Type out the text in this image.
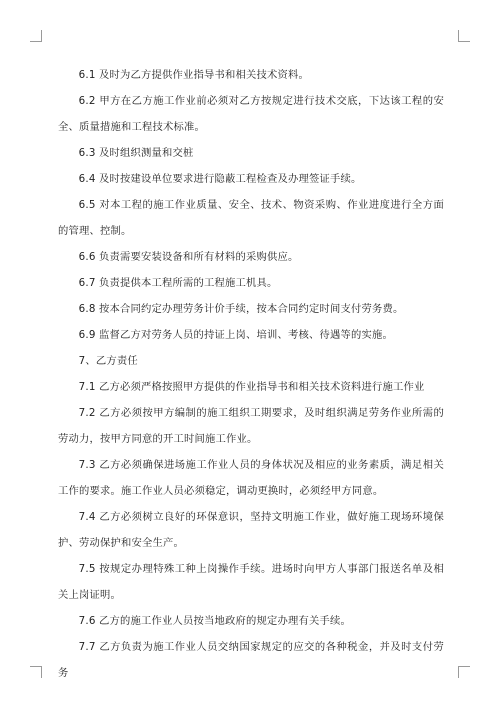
6.1 及时为乙方提供作业指导书和相关技术资料。

6.2 甲方在乙方施工作业前必须对乙方按规定进行技术交底，下达该工程的安全、质量措施和工程技术标准。

6.3 及时组织测量和交桩

6.4 及时按建设单位要求进行隐蔽工程检查及办理签证手续。

6.5 对本工程的施工作业质量、安全、技术、物资采购、作业进度进行全方面的管理、控制。

6.6 负责需要安装设备和所有材料的采购供应。

6.7 负责提供本工程所需的工程施工机具。

6.8 按本合同约定办理劳务计价手续，按本合同约定时间支付劳务费。

6.9 监督乙方对劳务人员的持证上岗、培训、考核、待遇等的实施。

7、乙方责任

7.1 乙方必须严格按照甲方提供的作业指导书和相关技术资料进行施工作业

7.2 乙方必须按甲方编制的施工组织工期要求，及时组织满足劳务作业所需的劳动力，按甲方同意的开工时间施工作业。

7.3 乙方必须确保进场施工作业人员的身体状况及相应的业务素质，满足相关工作的要求。施工作业人员必须稳定，调动更换时，必须经甲方同意。

7.4 乙方必须树立良好的环保意识，坚持文明施工作业，做好施工现场环境保护、劳动保护和安全生产。

7.5 按规定办理特殊工种上岗操作手续。进场时向甲方人事部门报送名单及相关上岗证明。

7.6 乙方的施工作业人员按当地政府的规定办理有关手续。

7.7 乙方负责为施工作业人员交纳国家规定的应交的各种税金，并及时支付劳务
